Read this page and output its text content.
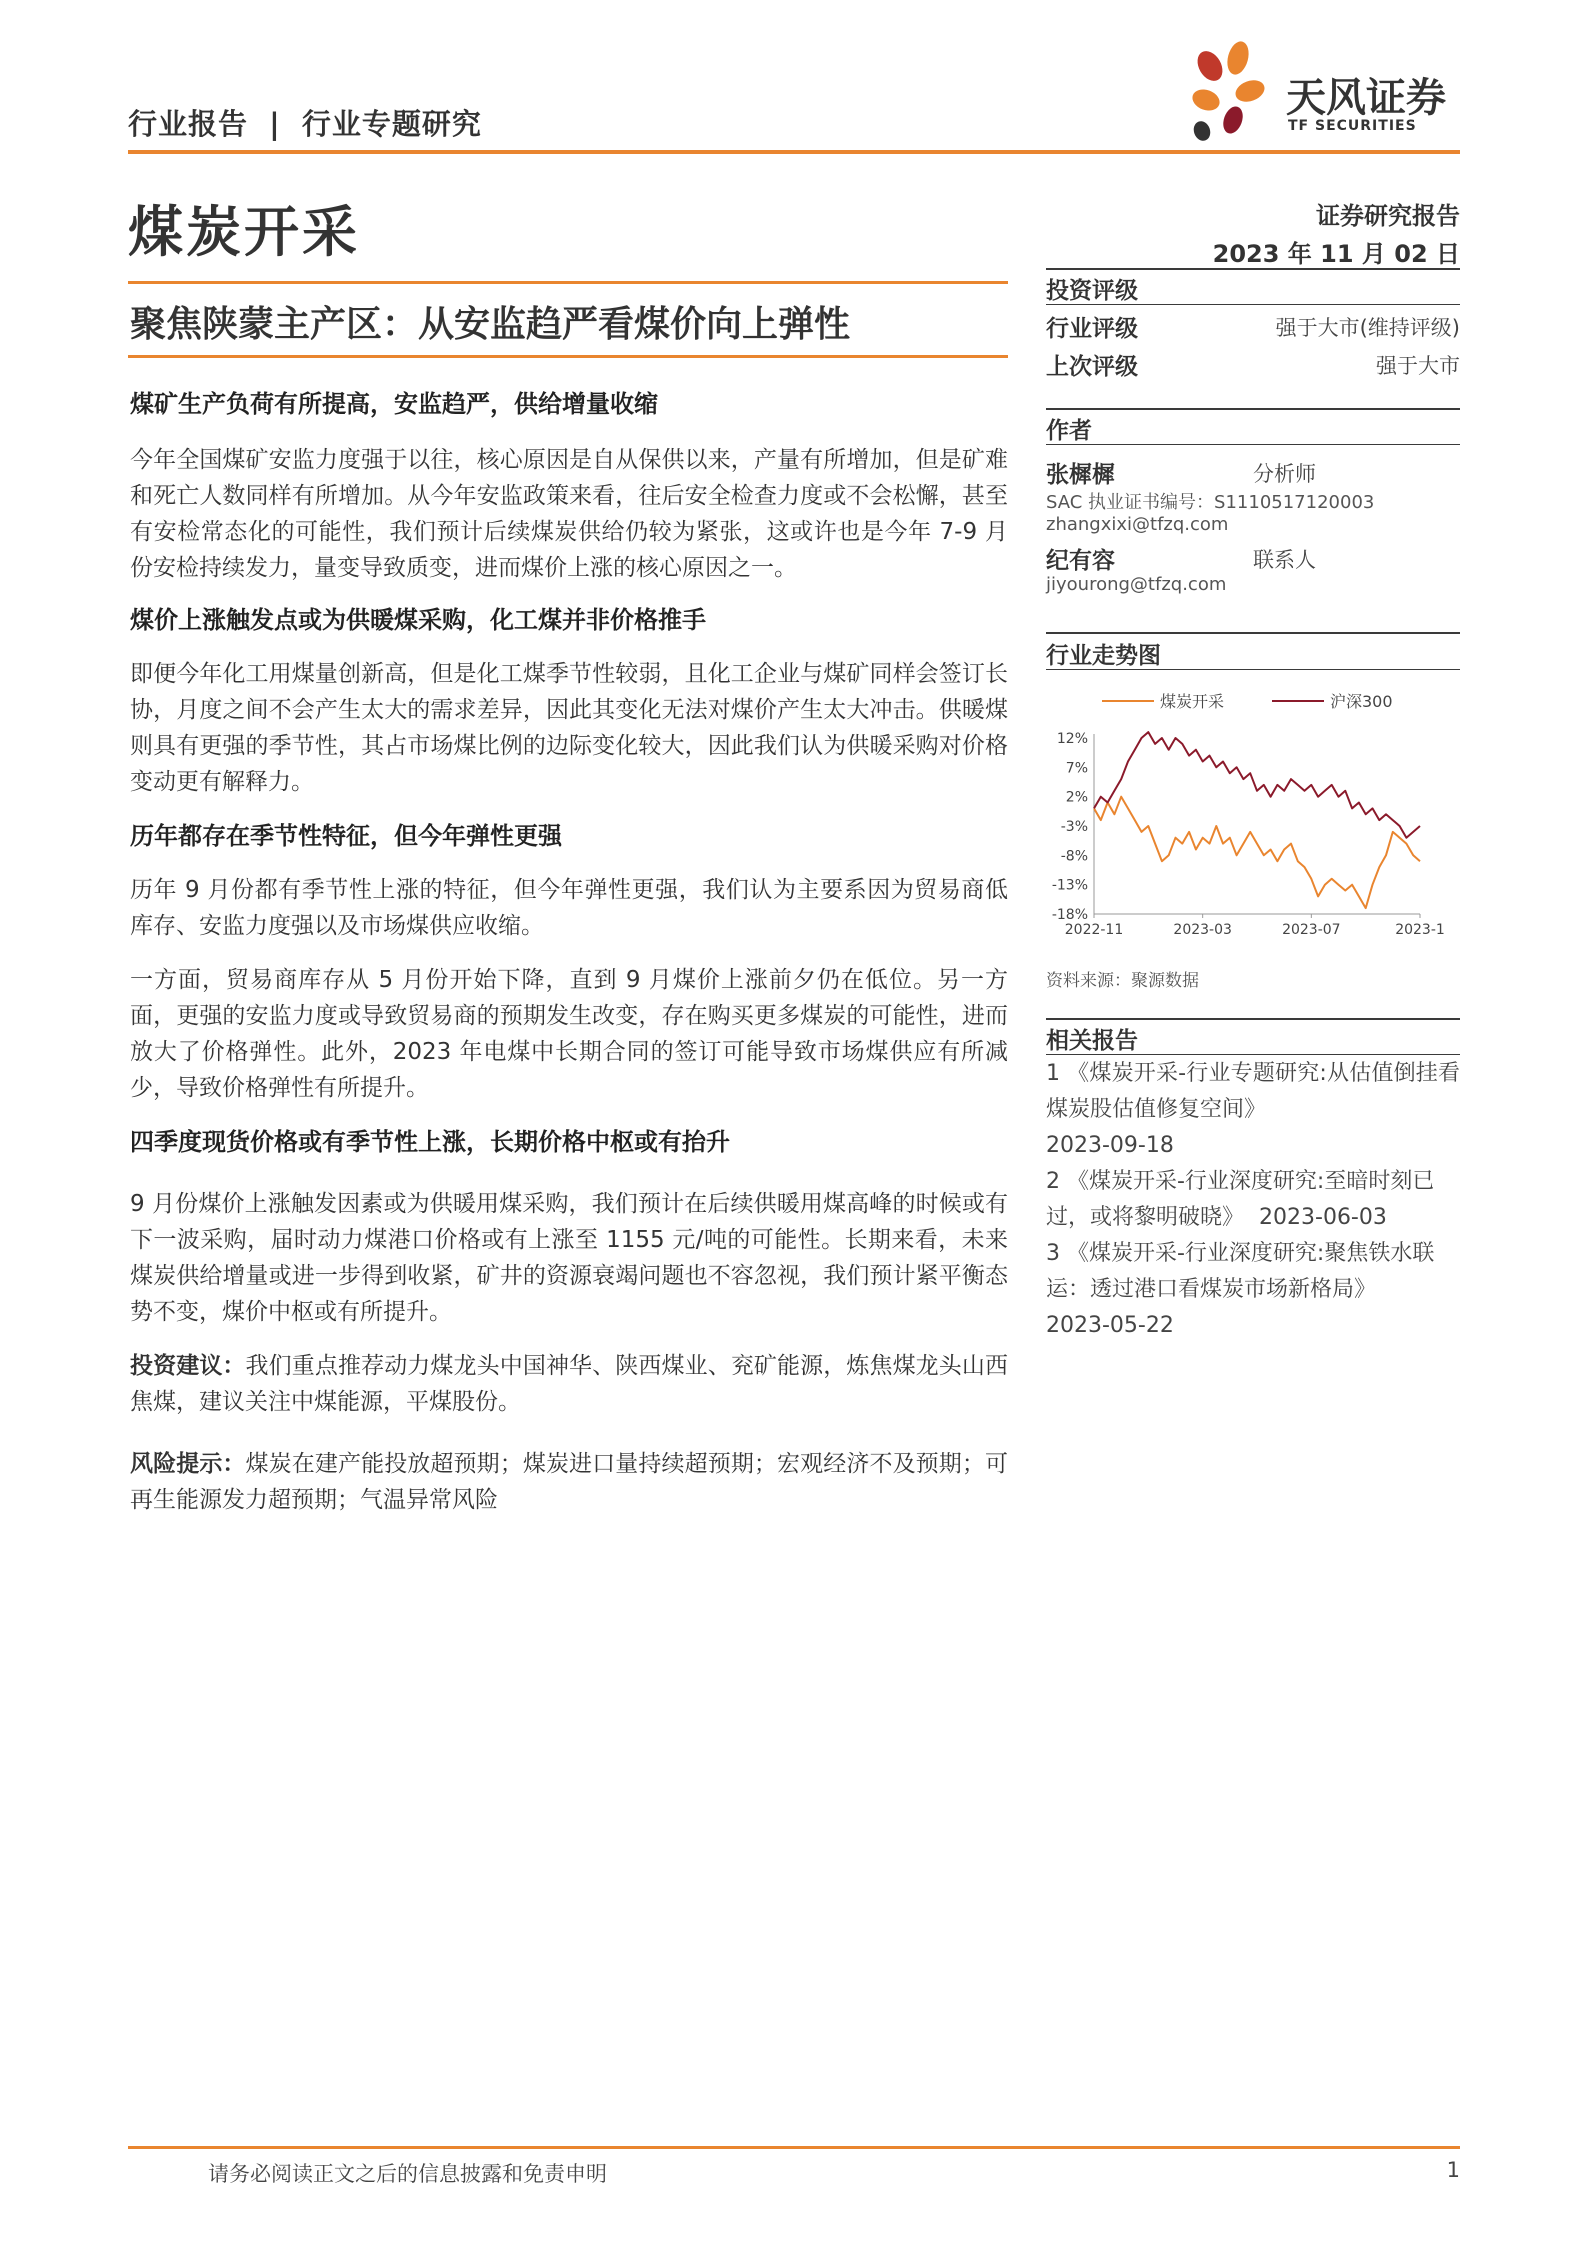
行业报告 | 行业专题研究
天风证券
TF SECURITIES
煤炭开采	证券研究报告
2023 年 11 月 02 日
聚焦陕蒙主产区：从安监趋严看煤价向上弹性

煤矿生产负荷有所提高，安监趋严，供给增量收缩

今年全国煤矿安监力度强于以往，核心原因是自从保供以来，产量有所增加，但是矿难和死亡人数同样有所增加。从今年安监政策来看，往后安全检查力度或不会松懈，甚至有安检常态化的可能性，我们预计后续煤炭供给仍较为紧张，这或许也是今年 7-9 月份安检持续发力，量变导致质变，进而煤价上涨的核心原因之一。

煤价上涨触发点或为供暖煤采购，化工煤并非价格推手

即便今年化工用煤量创新高，但是化工煤季节性较弱，且化工企业与煤矿同样会签订长协，月度之间不会产生太大的需求差异，因此其变化无法对煤价产生太大冲击。供暖煤则具有更强的季节性，其占市场煤比例的边际变化较大，因此我们认为供暖采购对价格变动更有解释力。

历年都存在季节性特征，但今年弹性更强

历年 9 月份都有季节性上涨的特征，但今年弹性更强，我们认为主要系因为贸易商低库存、安监力度强以及市场煤供应收缩。

一方面，贸易商库存从 5 月份开始下降，直到 9 月煤价上涨前夕仍在低位。另一方面，更强的安监力度或导致贸易商的预期发生改变，存在购买更多煤炭的可能性，进而放大了价格弹性。此外，2023 年电煤中长期合同的签订可能导致市场煤供应有所减少，导致价格弹性有所提升。

四季度现货价格或有季节性上涨，长期价格中枢或有抬升

9 月份煤价上涨触发因素或为供暖用煤采购，我们预计在后续供暖用煤高峰的时候或有下一波采购，届时动力煤港口价格或有上涨至 1155 元/吨的可能性。长期来看，未来煤炭供给增量或进一步得到收紧，矿井的资源衰竭问题也不容忽视，我们预计紧平衡态势不变，煤价中枢或有所提升。

投资建议：我们重点推荐动力煤龙头中国神华、陕西煤业、兖矿能源，炼焦煤龙头山西焦煤，建议关注中煤能源，平煤股份。

风险提示：煤炭在建产能投放超预期；煤炭进口量持续超预期；宏观经济不及预期；可再生能源发力超预期；气温异常风险

投资评级
行业评级	强于大市(维持评级)
上次评级	强于大市
作者
张樨樨	分析师
SAC 执业证书编号：S1110517120003
zhangxixi@tfzq.com
纪有容	联系人
jiyourong@tfzq.com
行业走势图
煤炭开采	沪深300
12%
7%
2%
-3%
-8%
-13%
-18%
2022-11	2023-03	2023-07	2023-1
资料来源：聚源数据
相关报告

1 《煤炭开采-行业专题研究:从估值倒挂看煤炭股估值修复空间》

2023-09-18

2 《煤炭开采-行业深度研究:至暗时刻已过，或将黎明破晓》 2023-06-03

3 《煤炭开采-行业深度研究:聚焦铁水联运：透过港口看煤炭市场新格局》

2023-05-22

请务必阅读正文之后的信息披露和免责申明	1
